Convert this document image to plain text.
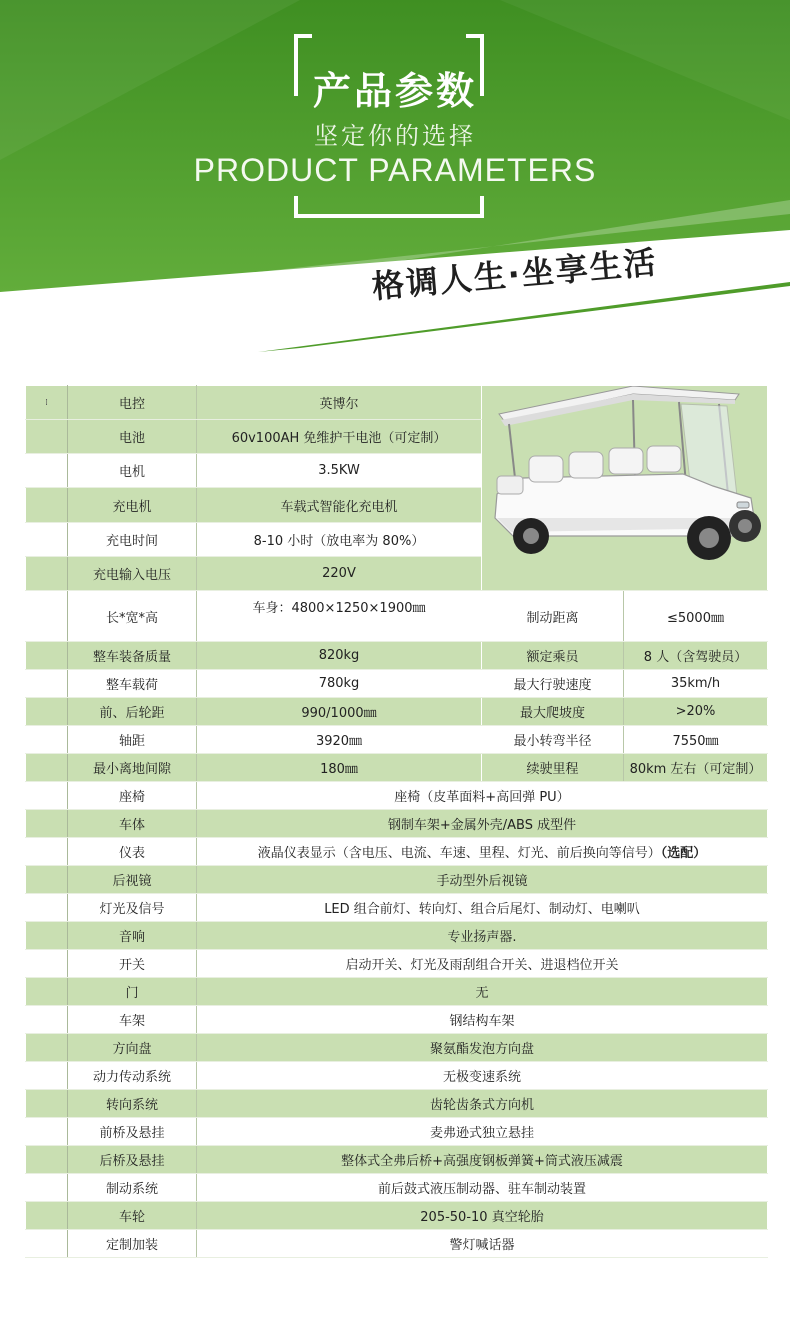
产品参数
坚定你的选择
PRODUCT PARAMETERS
格调人生·坐享生活
⁞	电控	英博尔	
	电池	60v100AH 免维护干电池（可定制）		
	电机	3.5KW		
	充电机	车载式智能化充电机		
	充电时间	8-10 小时（放电率为 80%）		
	充电输入电压	220V		
	长*宽*高	车身：4800×1250×1900㎜	制动距离	≤5000㎜
	整车装备质量	820kg	额定乘员	8 人（含驾驶员）
	整车载荷	780kg	最大行驶速度	35km/h
	前、后轮距	990/1000㎜	最大爬坡度	>20%
	轴距	3920㎜	最小转弯半径	7550㎜
	最小离地间隙	180㎜	续驶里程	80km 左右（可定制）
	座椅	座椅（皮革面料+高回弹 PU）		
	车体	钢制车架+金属外壳/ABS 成型件		
	仪表	液晶仪表显示（含电压、电流、车速、里程、灯光、前后换向等信号）（选配）		
	后视镜	手动型外后视镜		
	灯光及信号	LED 组合前灯、转向灯、组合后尾灯、制动灯、电喇叭		
	音响	专业扬声器.		
	开关	启动开关、灯光及雨刮组合开关、进退档位开关		
	门	无		
	车架	钢结构车架		
	方向盘	聚氨酯发泡方向盘		
	动力传动系统	无极变速系统		
	转向系统	齿轮齿条式方向机		
	前桥及悬挂	麦弗逊式独立悬挂		
	后桥及悬挂	整体式全弗后桥+高强度钢板弹簧+筒式液压减震		
	制动系统	前后鼓式液压制动器、驻车制动装置		
	车轮	205-50-10 真空轮胎		
	定制加装	警灯喊话器		
